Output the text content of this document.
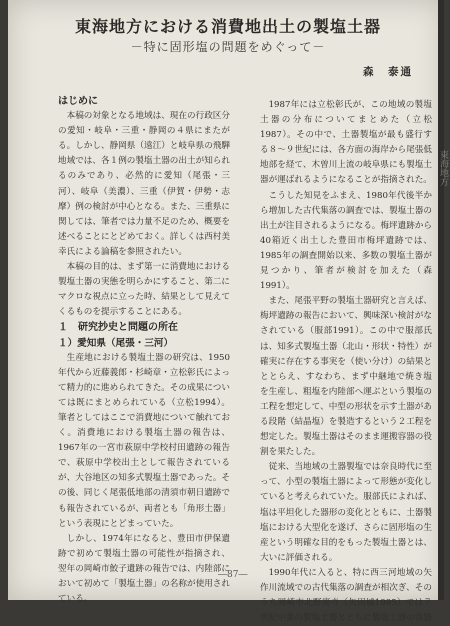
東海地方における消費地出土の製塩土器
－特に固形塩の問題をめぐって－
森　泰通

はじめに

本稿の対象となる地域は、現在の行政区分の愛知・岐阜・三重・静岡の４県にまたがる。しかし、静岡県（遠江）と岐阜県の飛騨地域では、各１例の製塩土器の出土が知られるのみであり、必然的に愛知（尾張・三河）、岐阜（美濃）、三重（伊賀・伊勢・志摩）例の検討が中心となる。また、三重県に関しては、筆者では力量不足のため、概要を述べることにとどめておく。詳しくは西村美幸氏による論稿を参照されたい。

本稿の目的は、まず第一に消費地における製塩土器の実態を明らかにすること、第二にマクロな視点に立った時、結果として見えてくるものを提示することにある。

１ 研究抄史と問題の所在

１）愛知県（尾張・三河）

生産地における製塩土器の研究は、1950年代から近藤義郎・杉崎章・立松彰氏によって精力的に進められてきた。その成果については既にまとめられている（立松1994）。筆者としてはここで消費地について触れておく。消費地における製塩土器の報告は、1967年の一宮市萩原中学校村田遺跡の報告で、萩原中学校出土として報告されているが、大谷地区の知多式製塩土器であった。その後、同じく尾張低地部の清須市朝日遺跡でも報告されているが、両者とも「角形土器」という表現にとどまっていた。

しかし、1974年になると、豊田市伊保遺跡で初めて製塩土器の可能性が指摘され、翌年の岡崎市鮫子遺跡の報告では、内陸部において初めて「製塩土器」の名称が使用されている。

1987年には立松彰氏が、この地域の製塩土器の分布についてまとめた（立松1987）。その中で、土器製塩が最も盛行する８～９世紀には、各方面の海岸から尾張低地部を経て、木曽川上流の岐阜県にも製塩土器が運ばれるようになることが指摘された。

こうした知見をふまえ、1980年代後半から増加した古代集落の調査では、製塩土器の出土が注目されるようになる。梅坪遺跡から40箱近く出土した豊田市梅坪遺跡では、1985年の調査開始以来、多数の製塩土器が見つかり、筆者が検討を加えた（森1991）。

また、尾張平野の製塩土器研究と言えば、梅坪遺跡の報告において、興味深い検討がなされている（服部1991）。この中で服部氏は、知多式製塩土器（北山・形状・特性）が確実に存在する事実を（使い分け）の結果とととらえ、すなわち、まず中継地で焼き塩を生産し、粗塩を内陸部へ運ぶという製塩の工程を想定して、中型の形状を示す土器がある段階（結晶塩）を製造するという２工程を想定した。製塩土器はそのまま運搬容器の役割を果たした。

従来、当地域の土器製塩では奈良時代に至って、小型の製塩土器によって形態が変化していると考えられていた。服部氏によれば、塩は平坦化した器形の変化とともに、土器製塩における大型化を遂げ、さらに固形塩の生産という明確な目的をもった製塩土器とは、大いに評価される。

1990年代に入ると、特に西三河地域の矢作川流域での古代集落の調査が相次ぎ、そのうち岡崎市北野廃寺（矢田城1995）では７世紀中葉の製塩土器とともに製塩土器の容器

―87―
東海地方
